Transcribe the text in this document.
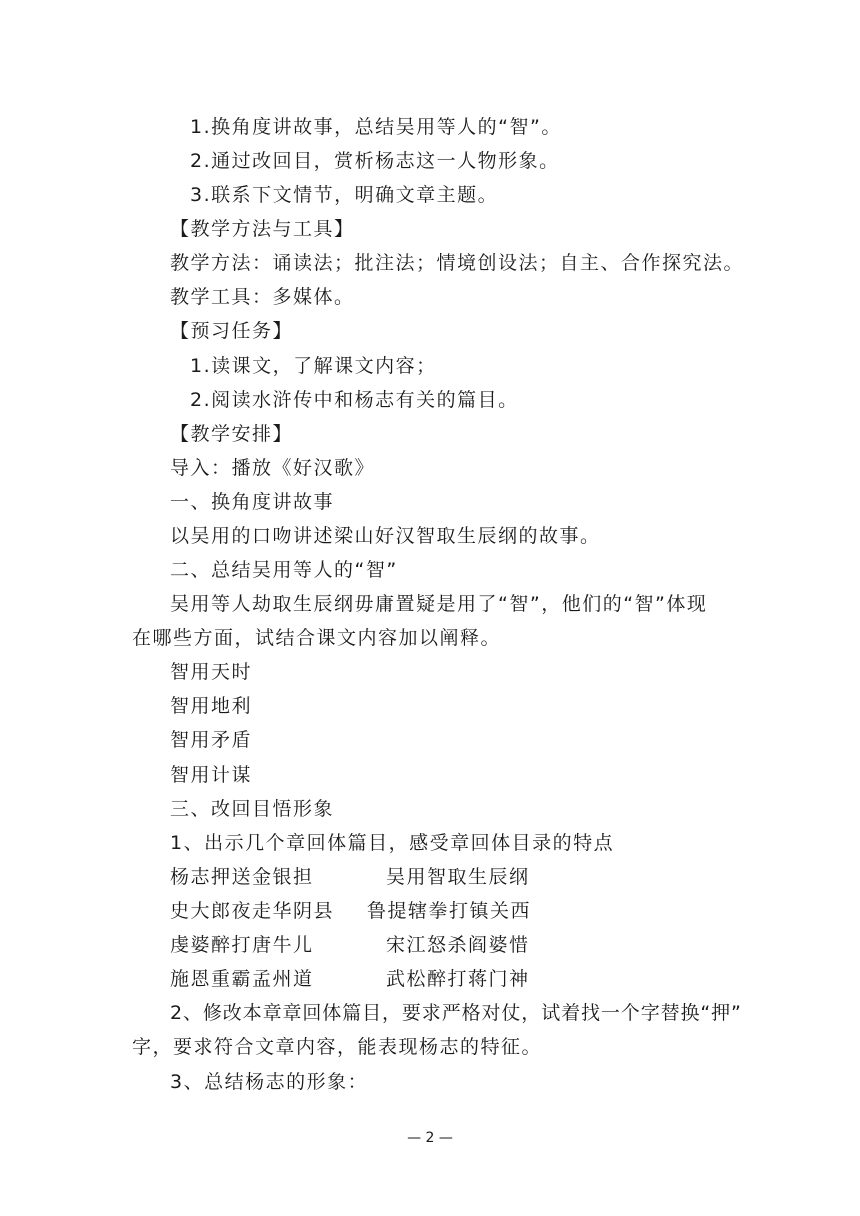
1.换角度讲故事，总结吴用等人的“智”。
2.通过改回目，赏析杨志这一人物形象。
3.联系下文情节，明确文章主题。
【教学方法与工具】
教学方法：诵读法；批注法；情境创设法；自主、合作探究法。
教学工具：多媒体。
【预习任务】
1.读课文，了解课文内容；
2.阅读水浒传中和杨志有关的篇目。
【教学安排】
导入：播放《好汉歌》
一、换角度讲故事
以吴用的口吻讲述梁山好汉智取生辰纲的故事。
二、总结吴用等人的“智”
吴用等人劫取生辰纲毋庸置疑是用了“智”，他们的“智”体现
在哪些方面，试结合课文内容加以阐释。
智用天时
智用地利
智用矛盾
智用计谋
三、改回目悟形象
1、出示几个章回体篇目，感受章回体目录的特点
杨志押送金银担	吴用智取生辰纲
史大郎夜走华阴县 鲁提辖拳打镇关西
虔婆醉打唐牛儿	宋江怒杀阎婆惜
施恩重霸孟州道	武松醉打蒋门神
2、修改本章章回体篇目，要求严格对仗，试着找一个字替换“押”
字，要求符合文章内容，能表现杨志的特征。
3、总结杨志的形象：
— 2 —
